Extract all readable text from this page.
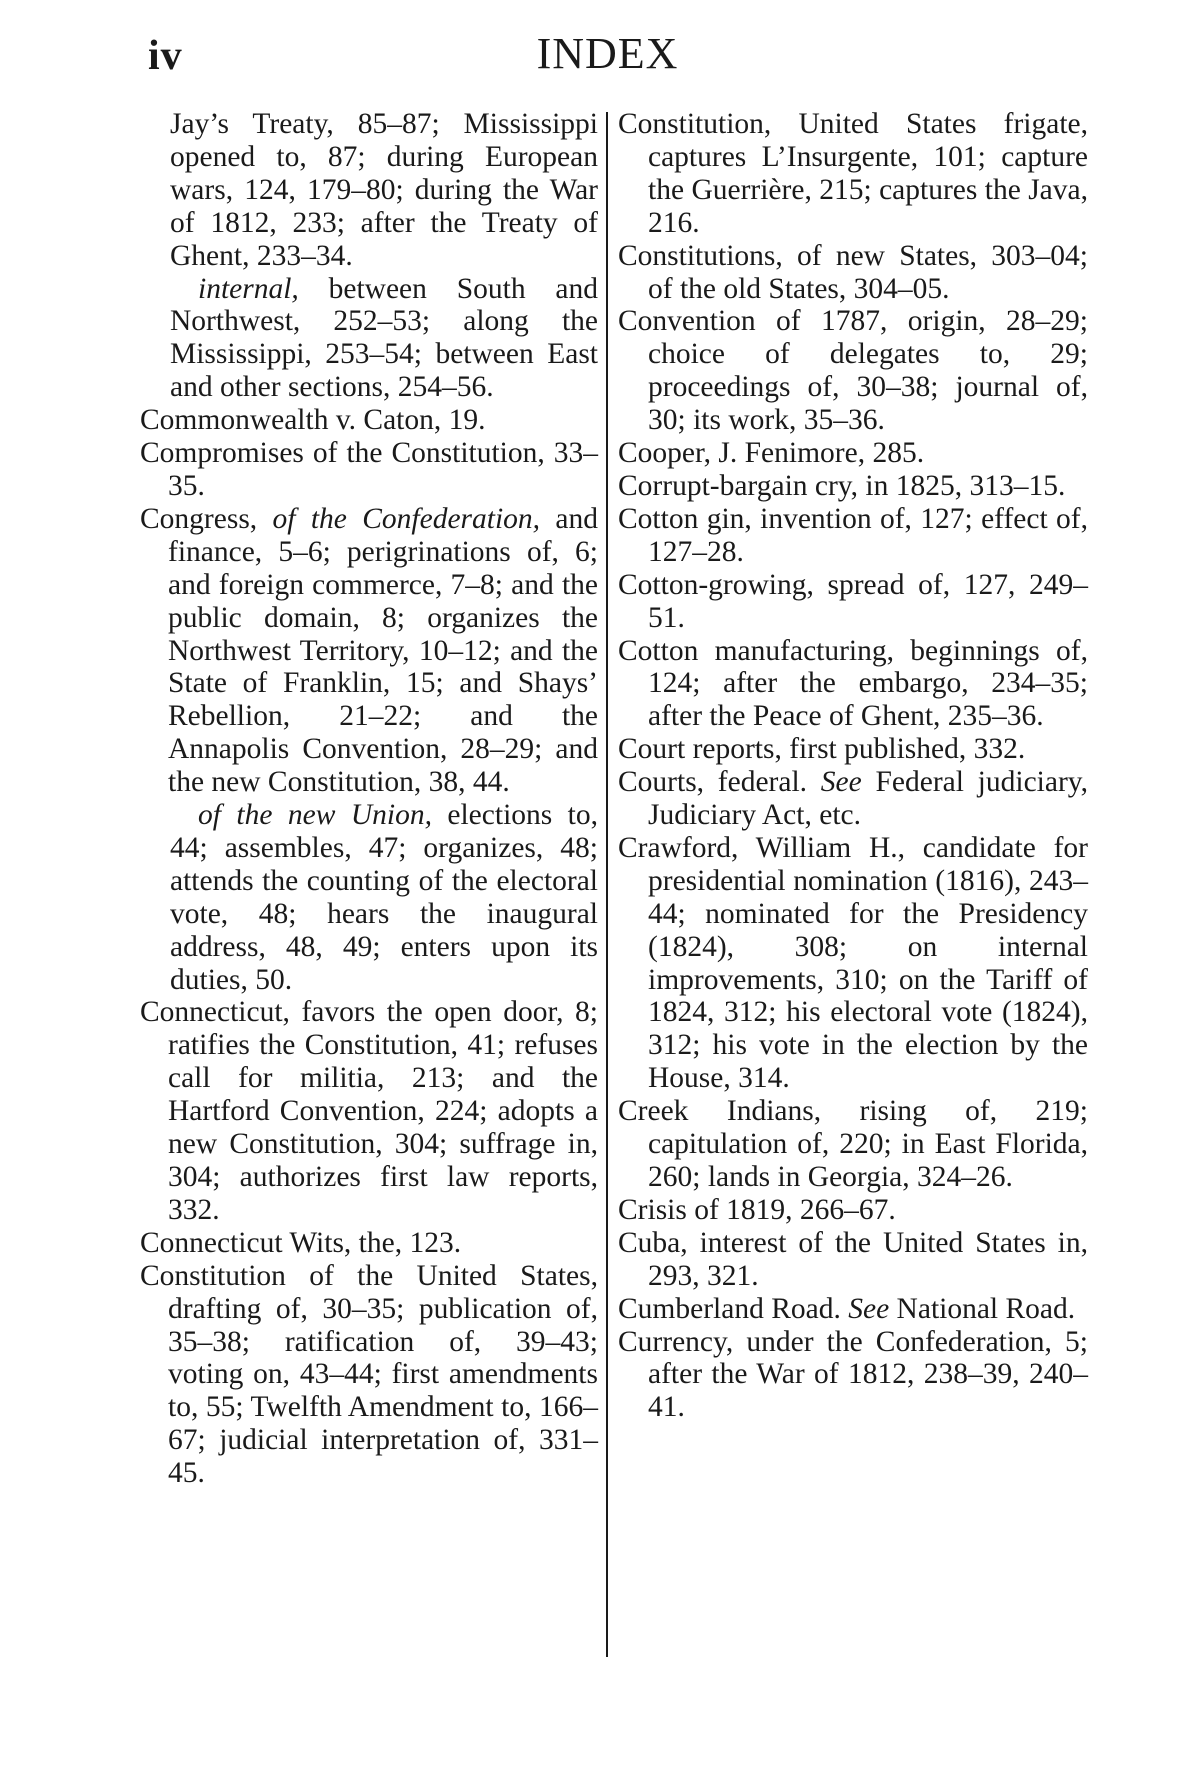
iv	INDEX

Jay’s Treaty, 85–87; Mississippi opened to, 87; during European wars, 124, 179–80; during the War of 1812, 233; after the Treaty of Ghent, 233–34.

internal, between South and Northwest, 252–53; along the Mississippi, 253–54; between East and other sections, 254–56.

Commonwealth v. Caton, 19.

Compromises of the Constitution, 33–35.

Congress, of the Confederation, and finance, 5–6; perigrinations of, 6; and foreign commerce, 7–8; and the public domain, 8; organizes the Northwest Territory, 10–12; and the State of Franklin, 15; and Shays’ Rebellion, 21–22; and the Annapolis Convention, 28–29; and the new Constitution, 38, 44.

of the new Union, elections to, 44; assembles, 47; organizes, 48; attends the counting of the electoral vote, 48; hears the inaugural address, 48, 49; enters upon its duties, 50.

Connecticut, favors the open door, 8; ratifies the Constitution, 41; refuses call for militia, 213; and the Hartford Convention, 224; adopts a new Constitution, 304; suffrage in, 304; authorizes first law reports, 332.

Connecticut Wits, the, 123.

Constitution of the United States, drafting of, 30–35; publication of, 35–38; ratification of, 39–43; voting on, 43–44; first amendments to, 55; Twelfth Amendment to, 166–67; judicial interpretation of, 331–45.

Constitution, United States frigate, captures L’Insurgente, 101; capture the Guerrière, 215; captures the Java, 216.

Constitutions, of new States, 303–04; of the old States, 304–05.

Convention of 1787, origin, 28–29; choice of delegates to, 29; proceedings of, 30–38; journal of, 30; its work, 35–36.

Cooper, J. Fenimore, 285.

Corrupt-bargain cry, in 1825, 313–15.

Cotton gin, invention of, 127; effect of, 127–28.

Cotton-growing, spread of, 127, 249–51.

Cotton manufacturing, beginnings of, 124; after the embargo, 234–35; after the Peace of Ghent, 235–36.

Court reports, first published, 332.

Courts, federal. See Federal judiciary, Judiciary Act, etc.

Crawford, William H., candidate for presidential nomination (1816), 243–44; nominated for the Presidency (1824), 308; on internal improvements, 310; on the Tariff of 1824, 312; his electoral vote (1824), 312; his vote in the election by the House, 314.

Creek Indians, rising of, 219; capitulation of, 220; in East Florida, 260; lands in Georgia, 324–26.

Crisis of 1819, 266–67.

Cuba, interest of the United States in, 293, 321.

Cumberland Road. See National Road.

Currency, under the Confederation, 5; after the War of 1812, 238–39, 240–41.
